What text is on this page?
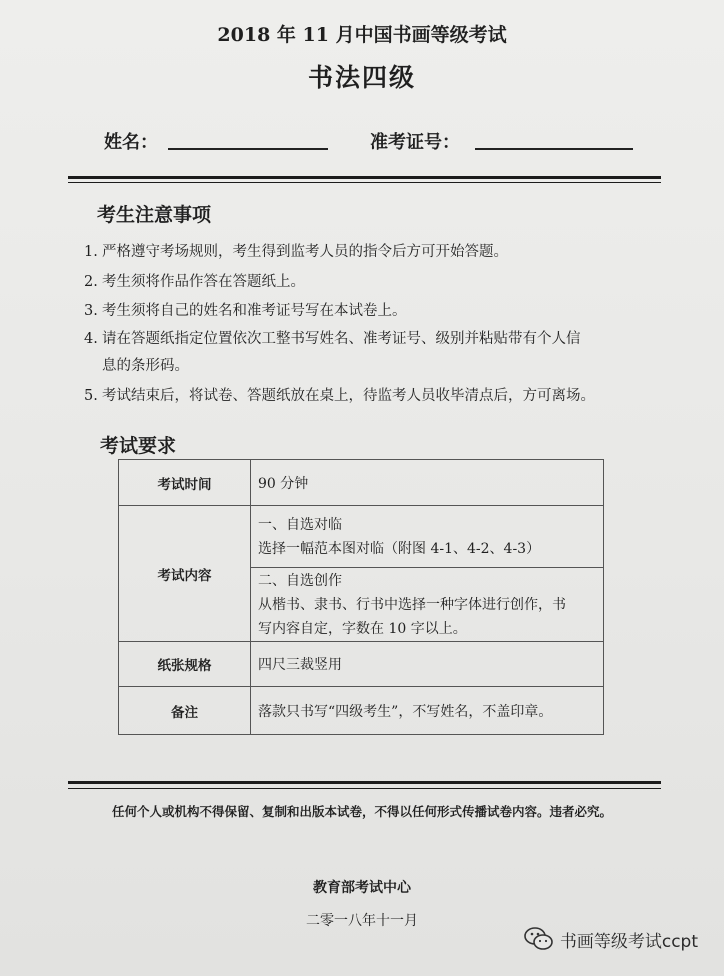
2018 年 11 月中国书画等级考试
书法四级
姓名：	准考证号：
考生注意事项
1. 严格遵守考场规则，考生得到监考人员的指令后方可开始答题。
2. 考生须将作品作答在答题纸上。
3. 考生须将自己的姓名和准考证号写在本试卷上。
4. 请在答题纸指定位置依次工整书写姓名、准考证号、级别并粘贴带有个人信
息的条形码。
5. 考试结束后，将试卷、答题纸放在桌上，待监考人员收毕清点后，方可离场。
考试要求
考试时间	90 分钟
考试内容	一、自选对临
选择一幅范本图对临（附图 4-1、4-2、4-3）

	二、自选创作
从楷书、隶书、行书中选择一种字体进行创作，书
写内容自定，字数在 10 字以上。

纸张规格	四尺三裁竖用
备注	落款只书写“四级考生”，不写姓名，不盖印章。
任何个人或机构不得保留、复制和出版本试卷，不得以任何形式传播试卷内容。违者必究。
教育部考试中心
二零一八年十一月
书画等级考试ccpt
